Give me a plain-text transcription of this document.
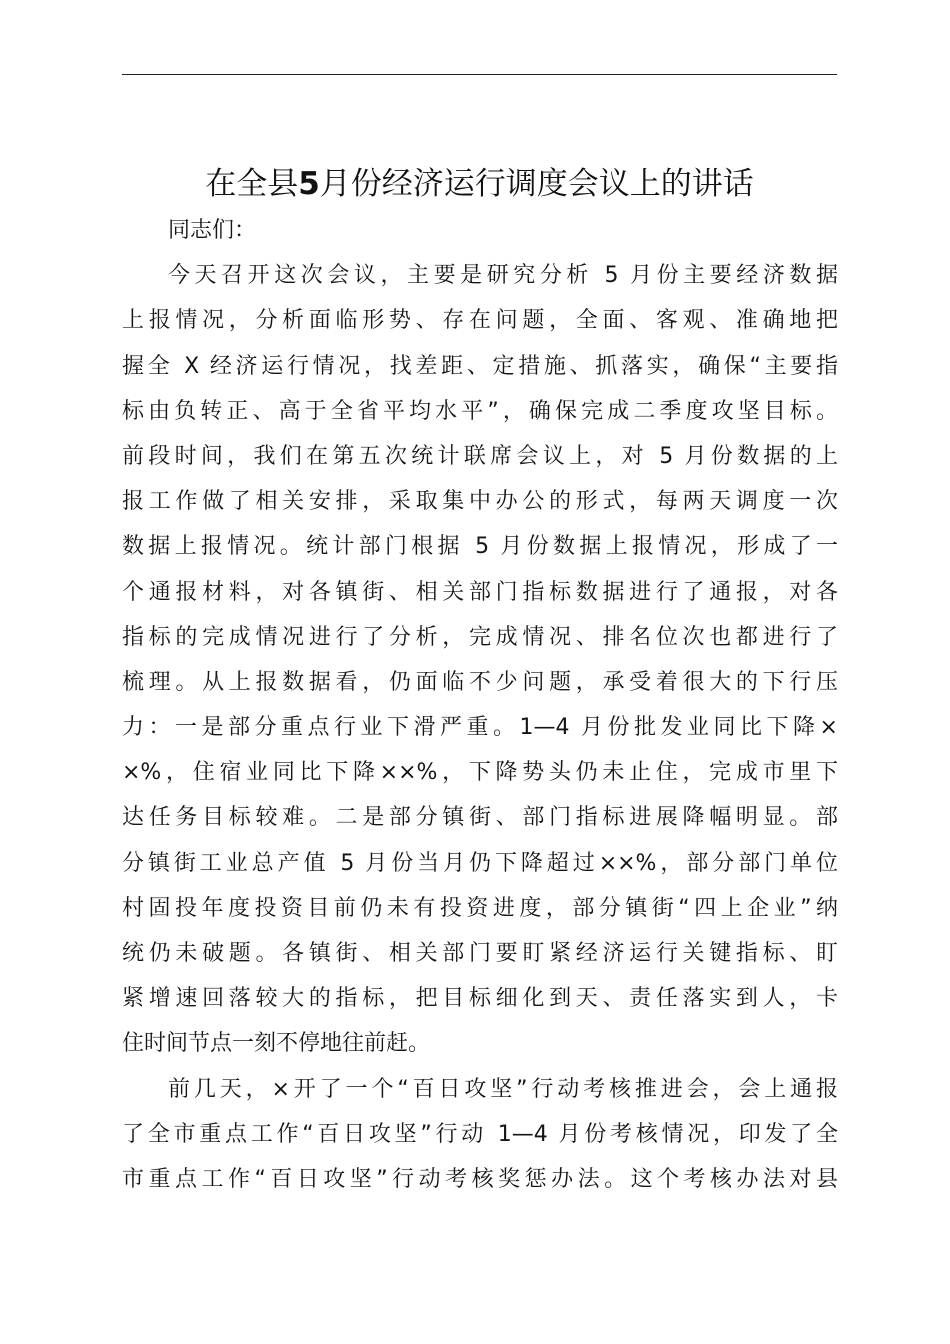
在全县5月份经济运行调度会议上的讲话
同志们：
今天召开这次会议，主要是研究分析 5 月份主要经济数据
上报情况，分析面临形势、存在问题，全面、客观、准确地把
握全 X 经济运行情况，找差距、定措施、抓落实，确保“主要指
标由负转正、高于全省平均水平”，确保完成二季度攻坚目标。
前段时间，我们在第五次统计联席会议上，对 5 月份数据的上
报工作做了相关安排，采取集中办公的形式，每两天调度一次
数据上报情况。统计部门根据 5 月份数据上报情况，形成了一
个通报材料，对各镇街、相关部门指标数据进行了通报，对各
指标的完成情况进行了分析，完成情况、排名位次也都进行了
梳理。从上报数据看，仍面临不少问题，承受着很大的下行压
力：一是部分重点行业下滑严重。1—4 月份批发业同比下降×
×%，住宿业同比下降××%，下降势头仍未止住，完成市里下
达任务目标较难。二是部分镇街、部门指标进展降幅明显。部
分镇街工业总产值 5 月份当月仍下降超过××%，部分部门单位
村固投年度投资目前仍未有投资进度，部分镇街“四上企业”纳
统仍未破题。各镇街、相关部门要盯紧经济运行关键指标、盯
紧增速回落较大的指标，把目标细化到天、责任落实到人，卡
住时间节点一刻不停地往前赶。
前几天，×开了一个“百日攻坚”行动考核推进会，会上通报
了全市重点工作“百日攻坚”行动 1—4 月份考核情况，印发了全
市重点工作“百日攻坚”行动考核奖惩办法。这个考核办法对县
